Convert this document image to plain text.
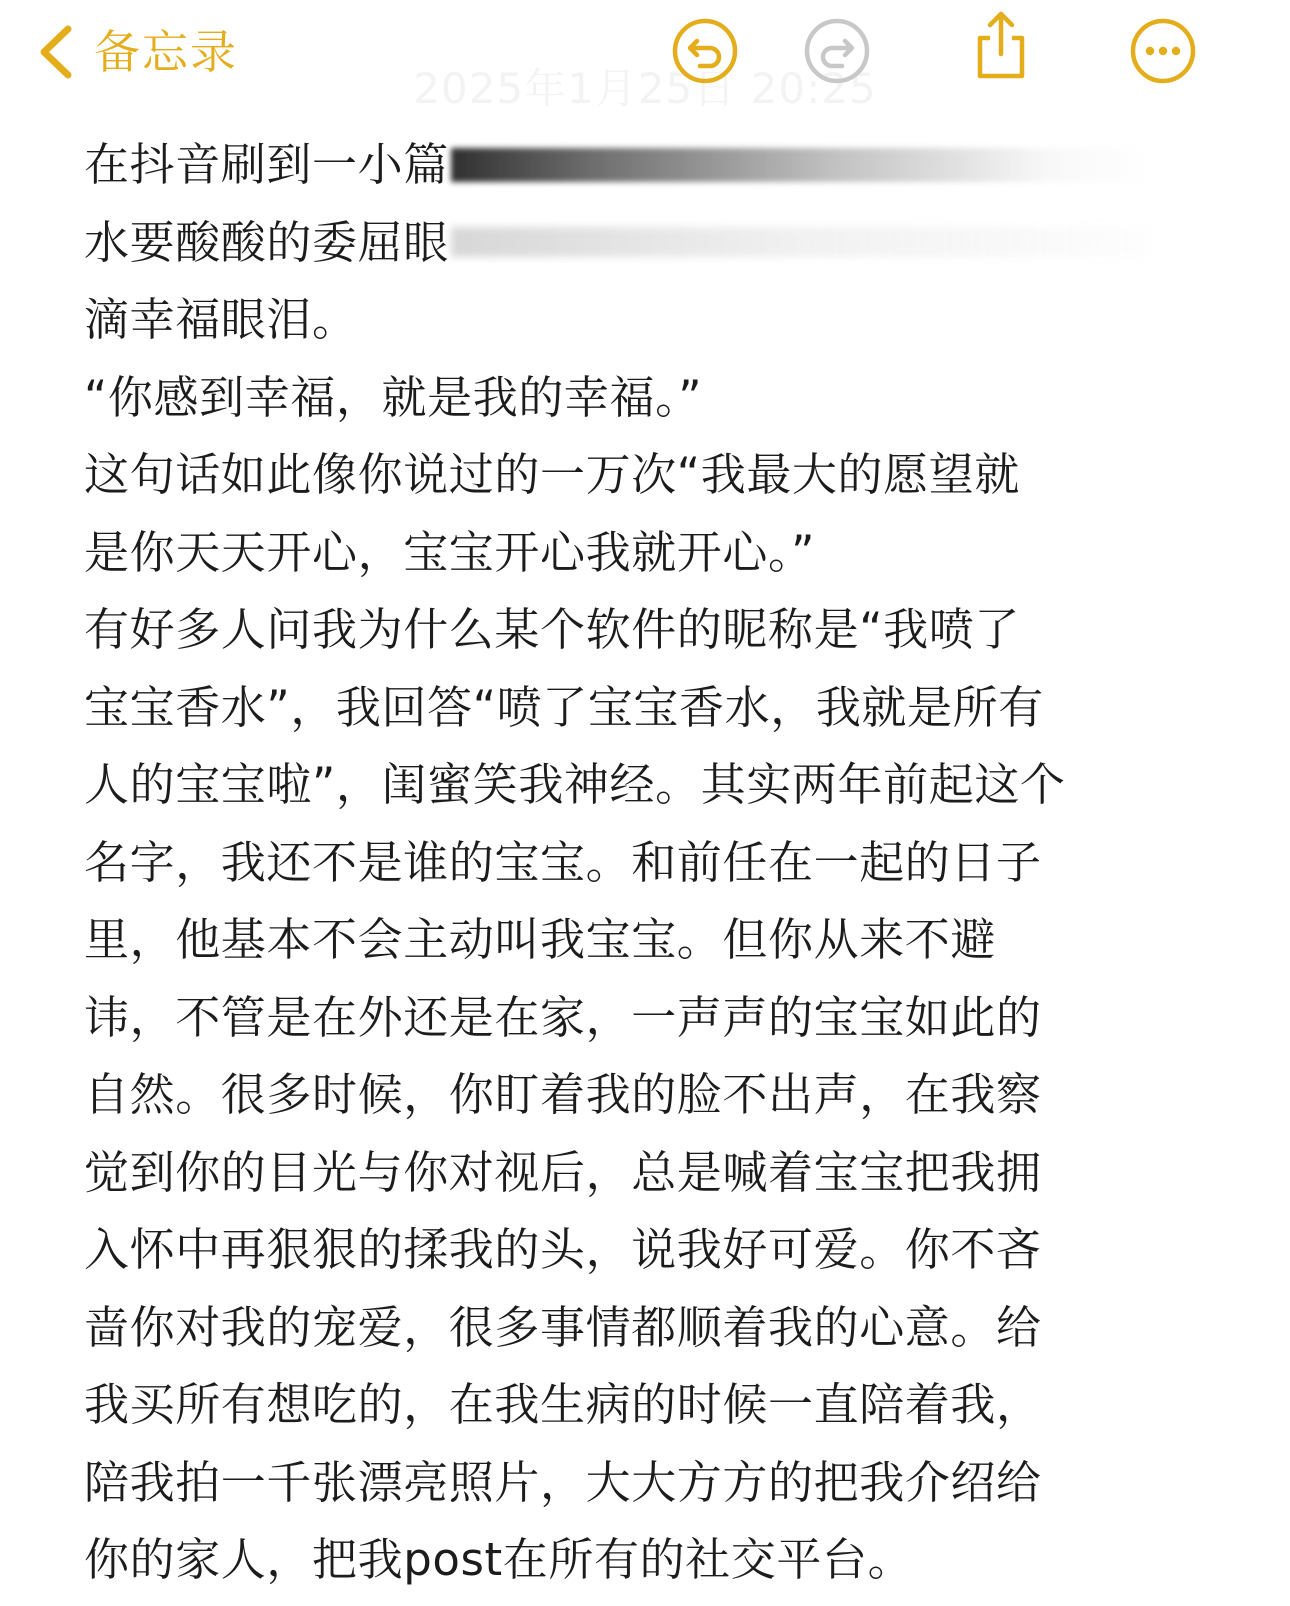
备忘录
2025年1月25日 20:25
在抖音刷到一小篇
水要酸酸的委屈眼
滴幸福眼泪。
“你感到幸福，就是我的幸福。”
这句话如此像你说过的一万次“我最大的愿望就
是你天天开心，宝宝开心我就开心。”
有好多人问我为什么某个软件的昵称是“我喷了
宝宝香水”，我回答“喷了宝宝香水，我就是所有
人的宝宝啦”，闺蜜笑我神经。其实两年前起这个
名字，我还不是谁的宝宝。和前任在一起的日子
里，他基本不会主动叫我宝宝。但你从来不避
讳，不管是在外还是在家，一声声的宝宝如此的
自然。很多时候，你盯着我的脸不出声，在我察
觉到你的目光与你对视后，总是喊着宝宝把我拥
入怀中再狠狠的揉我的头，说我好可爱。你不吝
啬你对我的宠爱，很多事情都顺着我的心意。给
我买所有想吃的，在我生病的时候一直陪着我，
陪我拍一千张漂亮照片，大大方方的把我介绍给
你的家人，把我post在所有的社交平台。
